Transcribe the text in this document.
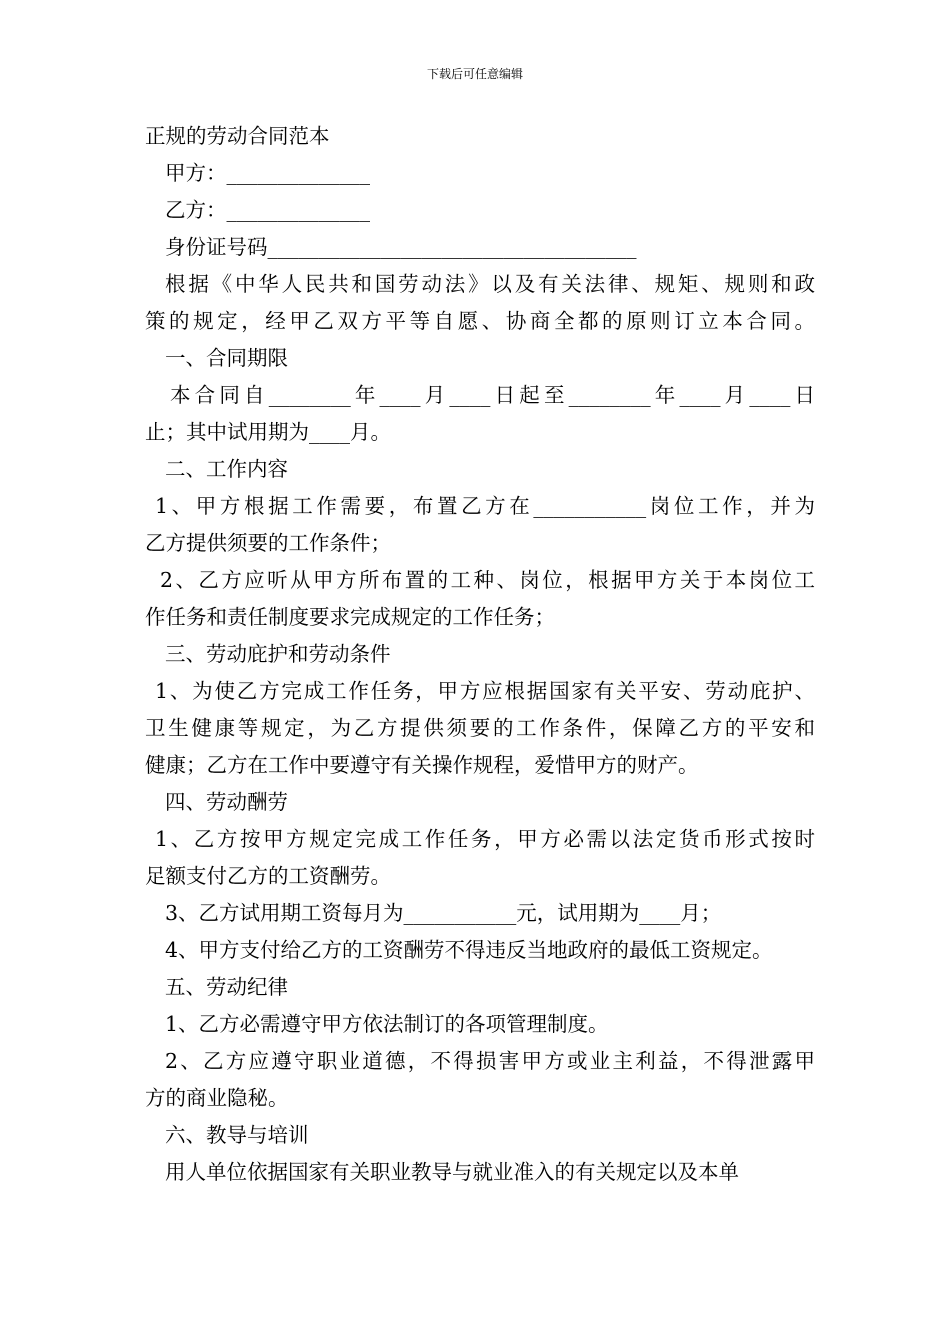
下载后可任意编辑
正规的劳动合同范本
甲方：______________
乙方：______________
身份证号码____________________________________
根据《中华人民共和国劳动法》以及有关法律、规矩、规则和政
策的规定，经甲乙双方平等自愿、协商全都的原则订立本合同。
一、合同期限
本合同自________年____月____日起至________年____月____日
止；其中试用期为____月。
二、工作内容
1、甲方根据工作需要，布置乙方在___________岗位工作，并为
乙方提供须要的工作条件；
2、乙方应听从甲方所布置的工种、岗位，根据甲方关于本岗位工
作任务和责任制度要求完成规定的工作任务；
三、劳动庇护和劳动条件
1、为使乙方完成工作任务，甲方应根据国家有关平安、劳动庇护、
卫生健康等规定，为乙方提供须要的工作条件，保障乙方的平安和
健康；乙方在工作中要遵守有关操作规程，爱惜甲方的财产。
四、劳动酬劳
1、乙方按甲方规定完成工作任务，甲方必需以法定货币形式按时
足额支付乙方的工资酬劳。
3、乙方试用期工资每月为___________元，试用期为____月；
4、甲方支付给乙方的工资酬劳不得违反当地政府的最低工资规定。
五、劳动纪律
1、乙方必需遵守甲方依法制订的各项管理制度。
2、乙方应遵守职业道德，不得损害甲方或业主利益，不得泄露甲
方的商业隐秘。
六、教导与培训
用人单位依据国家有关职业教导与就业准入的有关规定以及本单
